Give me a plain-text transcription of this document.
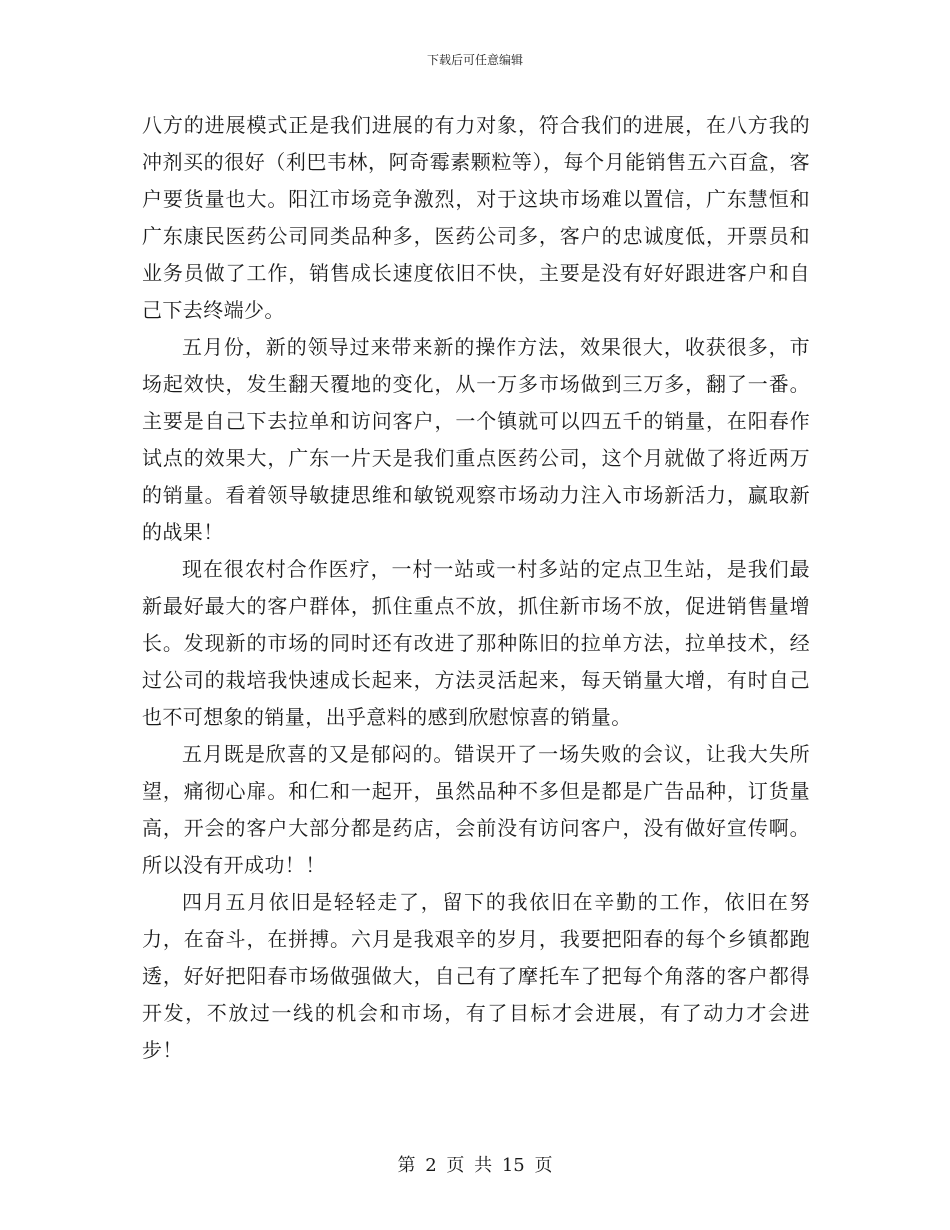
下载后可任意编辑

八方的进展模式正是我们进展的有力对象，符合我们的进展，在八方我的冲剂买的很好（利巴韦林，阿奇霉素颗粒等），每个月能销售五六百盒，客户要货量也大。阳江市场竞争激烈，对于这块市场难以置信，广东慧恒和广东康民医药公司同类品种多，医药公司多，客户的忠诚度低，开票员和业务员做了工作，销售成长速度依旧不快，主要是没有好好跟进客户和自己下去终端少。

五月份，新的领导过来带来新的操作方法，效果很大，收获很多，市场起效快，发生翻天覆地的变化，从一万多市场做到三万多，翻了一番。主要是自己下去拉单和访问客户，一个镇就可以四五千的销量，在阳春作试点的效果大，广东一片天是我们重点医药公司，这个月就做了将近两万的销量。看着领导敏捷思维和敏锐观察市场动力注入市场新活力，赢取新的战果！

现在很农村合作医疗，一村一站或一村多站的定点卫生站，是我们最新最好最大的客户群体，抓住重点不放，抓住新市场不放，促进销售量增长。发现新的市场的同时还有改进了那种陈旧的拉单方法，拉单技术，经过公司的栽培我快速成长起来，方法灵活起来，每天销量大增，有时自己也不可想象的销量，出乎意料的感到欣慰惊喜的销量。

五月既是欣喜的又是郁闷的。错误开了一场失败的会议，让我大失所望，痛彻心扉。和仁和一起开，虽然品种不多但是都是广告品种，订货量高，开会的客户大部分都是药店，会前没有访问客户，没有做好宣传啊。所以没有开成功！！

四月五月依旧是轻轻走了，留下的我依旧在辛勤的工作，依旧在努力，在奋斗，在拼搏。六月是我艰辛的岁月，我要把阳春的每个乡镇都跑透，好好把阳春市场做强做大，自己有了摩托车了把每个角落的客户都得开发，不放过一线的机会和市场，有了目标才会进展，有了动力才会进步！

第 2 页 共 15 页
